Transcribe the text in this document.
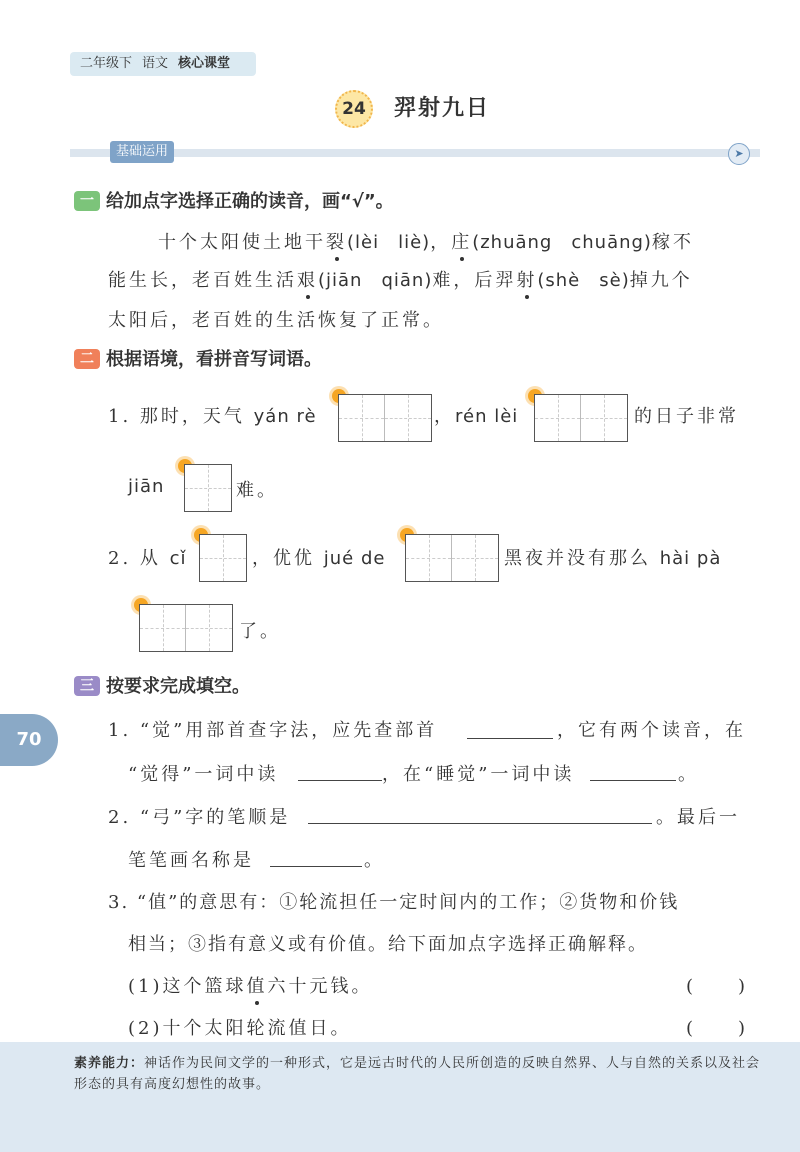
二年级下 语文 核心课堂
24	羿射九日
基础运用	➤
一 给加点字选择正确的读音，画“√”。
十个太阳使土地干裂(lèi　liè)，庄(zhuāng　chuāng)稼不
能生长，老百姓生活艰(jiān　qiān)难，后羿射(shè　sè)掉九个
太阳后，老百姓的生活恢复了正常。
二 根据语境，看拼音写词语。
1. 那时，天气 yán rè	，rén lèi	的日子非常
jiān	难。
2. 从 cǐ	，优优 jué de	黑夜并没有那么 hài pà
了。
三 按要求完成填空。
1. “觉”用部首查字法，应先查部首	，它有两个读音，在
“觉得”一词中读	，在“睡觉”一词中读	。
2. “弓”字的笔顺是	。最后一
笔笔画名称是	。
3. “值”的意思有：①轮流担任一定时间内的工作；②货物和价钱
相当；③指有意义或有价值。给下面加点字选择正确解释。
(1)这个篮球值六十元钱。	(　　)
(2)十个太阳轮流值日。	(　　)
70
素养能力：神话作为民间文学的一种形式，它是远古时代的人民所创造的反映自然界、人与自然的关系以及社会形态的具有高度幻想性的故事。
